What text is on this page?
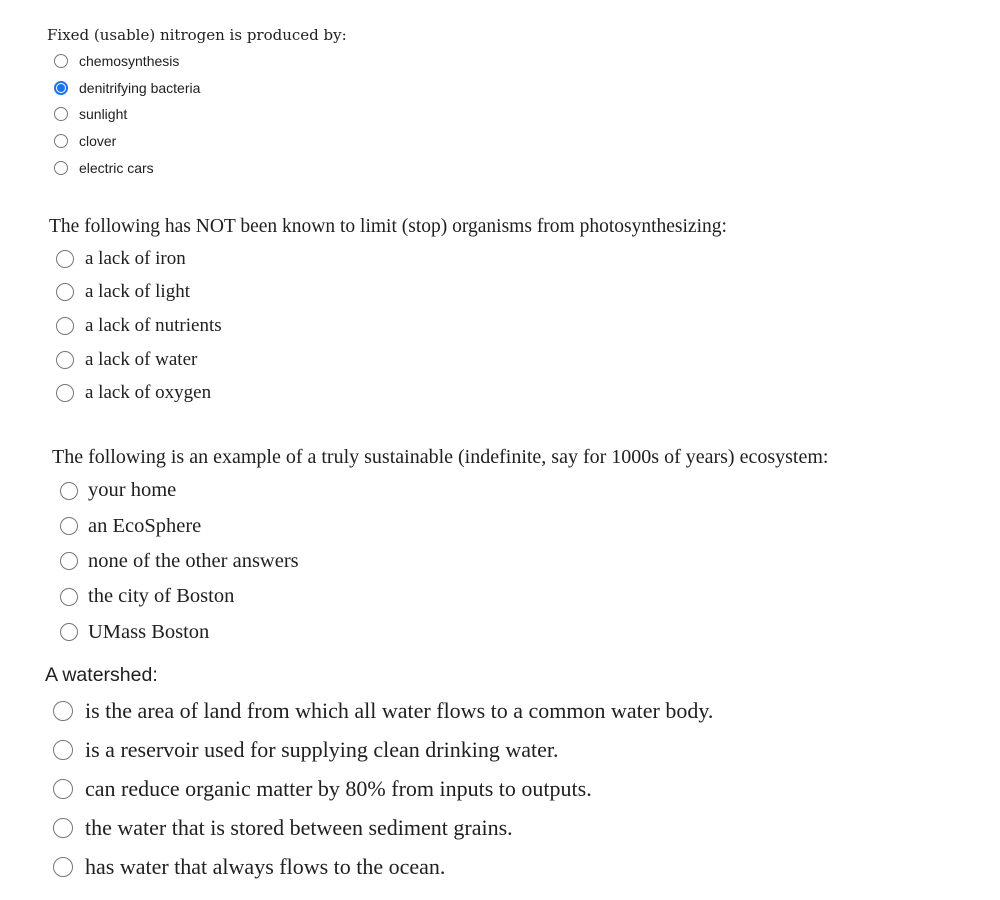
Fixed (usable) nitrogen is produced by:
chemosynthesis
denitrifying bacteria
sunlight
clover
electric cars
The following has NOT been known to limit (stop) organisms from photosynthesizing:
a lack of iron
a lack of light
a lack of nutrients
a lack of water
a lack of oxygen
The following is an example of a truly sustainable (indefinite, say for 1000s of years) ecosystem:
your home
an EcoSphere
none of the other answers
the city of Boston
UMass Boston
A watershed:
is the area of land from which all water flows to a common water body.
is a reservoir used for supplying clean drinking water.
can reduce organic matter by 80% from inputs to outputs.
the water that is stored between sediment grains.
has water that always flows to the ocean.
